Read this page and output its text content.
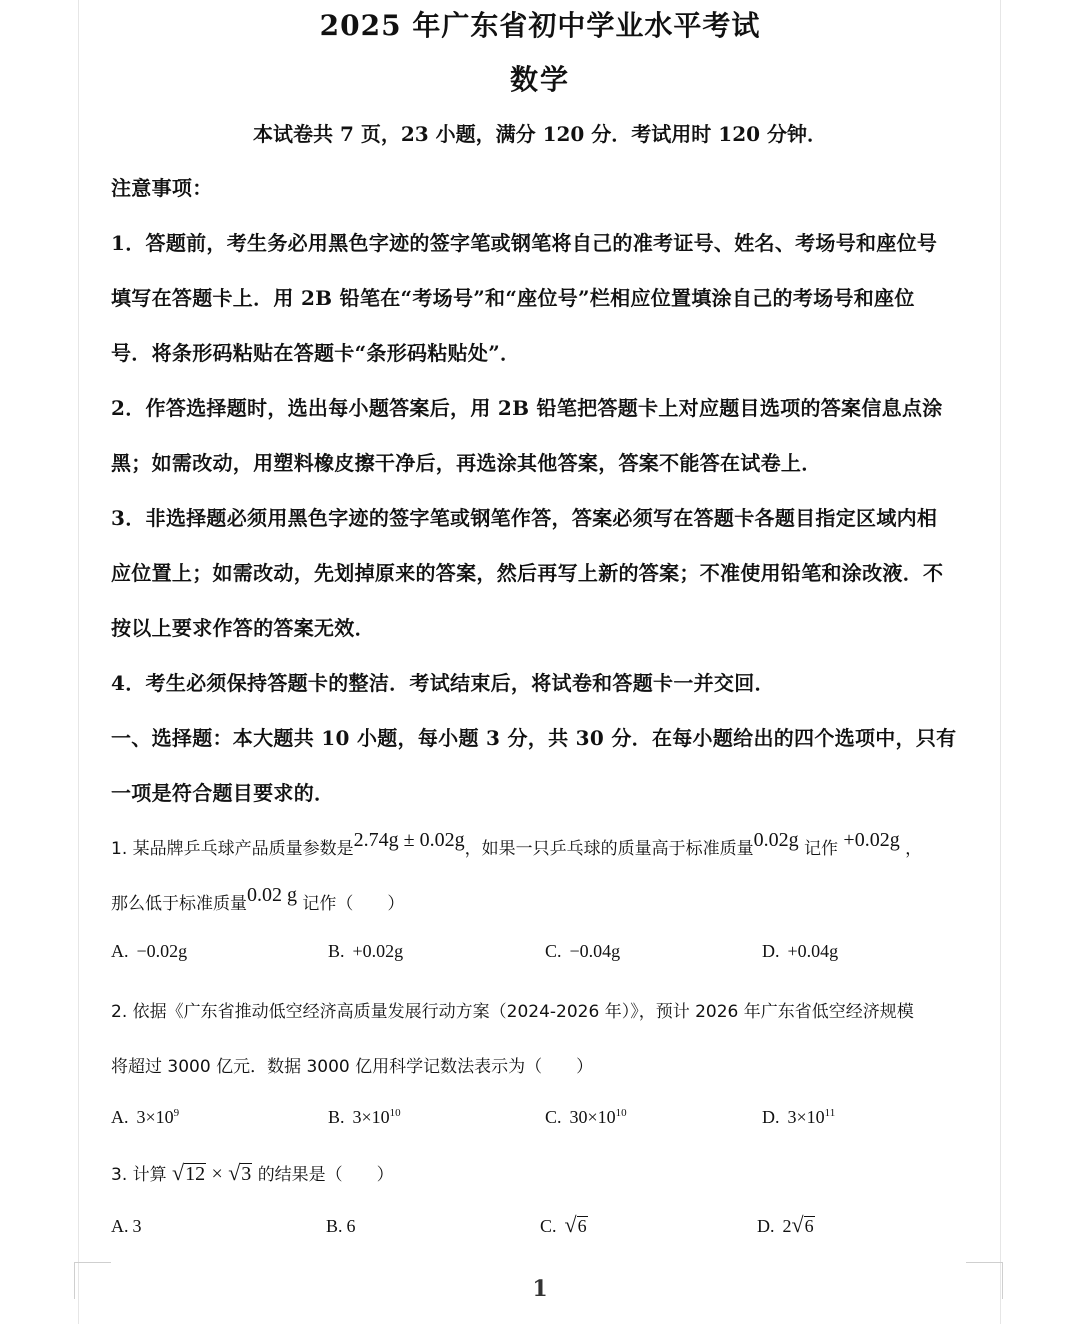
2025 年广东省初中学业水平考试
数学
本试卷共 7 页，23 小题，满分 120 分．考试用时 120 分钟．
注意事项：
1．答题前，考生务必用黑色字迹的签字笔或钢笔将自己的准考证号、姓名、考场号和座位号
填写在答题卡上．用 2B 铅笔在“考场号”和“座位号”栏相应位置填涂自己的考场号和座位
号．将条形码粘贴在答题卡“条形码粘贴处”．
2．作答选择题时，选出每小题答案后，用 2B 铅笔把答题卡上对应题目选项的答案信息点涂
黑；如需改动，用塑料橡皮擦干净后，再选涂其他答案，答案不能答在试卷上．
3．非选择题必须用黑色字迹的签字笔或钢笔作答，答案必须写在答题卡各题目指定区域内相
应位置上；如需改动，先划掉原来的答案，然后再写上新的答案；不准使用铅笔和涂改液．不
按以上要求作答的答案无效．
4．考生必须保持答题卡的整洁．考试结束后，将试卷和答题卡一并交回．
一、选择题：本大题共 10 小题，每小题 3 分，共 30 分．在每小题给出的四个选项中，只有
一项是符合题目要求的．
1. 某品牌乒乓球产品质量参数是2.74g ± 0.02g，如果一只乒乓球的质量高于标准质量0.02g 记作 +0.02g ，
那么低于标准质量0.02 g 记作（　　）
A. −0.02g	B. +0.02g	C. −0.04g	D. +0.04g
2. 依据《广东省推动低空经济高质量发展行动方案（2024-2026 年）》，预计 2026 年广东省低空经济规模
将超过 3000 亿元．数据 3000 亿用科学记数法表示为（　　）
A. $3\times 10^9$	B. $3\times 10^{10}$	C. $30\times 10^{10}$	D. $3\times 10^{11}$
3. 计算 √12 × √3 的结果是（　　）
A. 3	B. 6	C. √6	D. 2√6
1
